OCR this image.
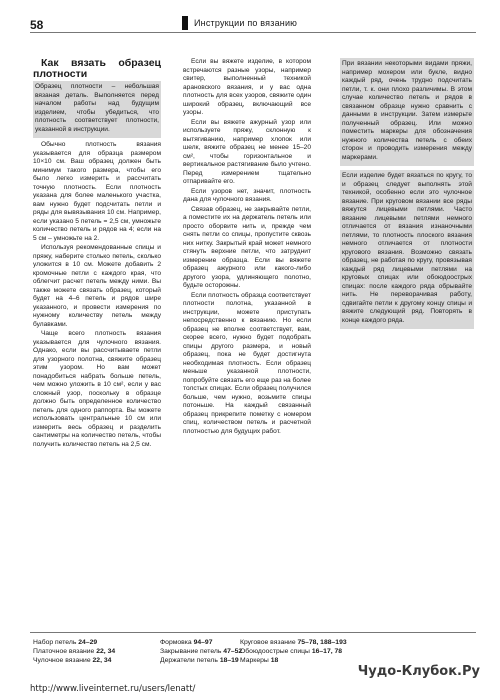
58	Инструкции по вязанию

Как вязать образец плотности

Образец плотности – небольшая вязаная деталь. Выполняется перед началом работы над будущим изделием, чтобы убедиться, что плотность соответствует плотности, указанной в инструкции.

Обычно плотность вязания указывается для образца размером 10×10 см. Ваш образец должен быть минимум такого размера, чтобы его было легко измерить и рассчитать точную плотность. Если плотность указана для более маленького участка, вам нужно будет подсчитать петли и ряды для вывязывания 10 см. Например, если указано 5 петель = 2,5 см, умножьте количество петель и рядов на 4; если на 5 см – умножьте на 2.

Используя рекомендованные спицы и пряжу, наберите столько петель, сколько уложится в 10 см. Можете добавить 2 кромочные петли с каждого края, что облегчит расчет петель между ними. Вы также можете связать образец, который будет на 4–6 петель и рядов шире указанного, и провести измерения по нужному количеству петель между булавками.

Чаще всего плотность вязания указывается для чулочного вязания. Однако, если вы рассчитываете петли для узорного полотна, свяжите образец этим узором. Но вам может понадобиться набрать больше петель, чем можно уложить в 10 см², если у вас сложный узор, поскольку в образце должно быть определенное количество петель для одного раппорта. Вы можете использовать центральные 10 см или измерить весь образец и разделить сантиметры на количество петель, чтобы получить количество петель на 2,5 см.

Если вы вяжете изделие, в котором встречаются разные узоры, например свитер, выполненный техникой арановского вязания, и у вас одна плотность для всех узоров, свяжите один широкий образец, включающий все узоры.

Если вы вяжете ажурный узор или используете пряжу, склонную к вытягиванию, например хлопок или шелк, вяжите образец не менее 15–20 см², чтобы горизонтальное и вертикальное растягивание было учтено. Перед измерением тщательно отпаривайте его.

Если узоров нет, значит, плотность дана для чулочного вязания.

Связав образец, не закрывайте петли, а поместите их на держатель петель или просто оборвите нить и, прежде чем снять петли со спицы, пропустите сквозь них нитку. Закрытый край может немного стянуть верхние петли, что затруднит измерение образца. Если вы вяжете образец ажурного или какого-либо другого узора, удлиняющего полотно, будьте осторожны.

Если плотность образца соответствует плотности полотна, указанной в инструкции, можете приступать непосредственно к вязанию. Но если образец не вполне соответствует, вам, скорее всего, нужно будет подобрать спицы другого размера, и новый образец, пока не будет достигнута необходимая плотность. Если образец меньше указанной плотности, попробуйте связать его еще раз на более толстых спицах. Если образец получился больше, чем нужно, возьмите спицы потоньше. На каждый связанный образец прикрепите пометку с номером спиц, количеством петель и расчетной плотностью для будущих работ.

При вязании некоторыми видами пряжи, например мохером или букле, видно каждый ряд, очень трудно подсчитать петли, т. к. они плохо различимы. В этом случае количество петель и рядов в связанном образце нужно сравнить с данными в инструкции. Затем измерьте полученный образец. Или можно поместить маркеры для обозначения нужного количества петель с обеих сторон и проводить измерения между маркерами.

Если изделие будет вязаться по кругу, то и образец следует выполнять этой техникой, особенно если это чулочное вязание. При круговом вязании все ряды вяжутся лицевыми петлями. Часто вязание лицевыми петлями немного отличается от вязания изнаночными петлями, то плотность плоского вязания немного отличается от плотности кругового вязания. Возможно связать образец, не работая по кругу, провязывая каждый ряд лицевыми петлями на круговых спицах или обоюдоострых спицах: после каждого ряда обрывайте нить. Не переворачивая работу, сдвигайте петли к другому концу спицы и вяжите следующий ряд. Повторять в конце каждого ряда.

Набор петель 24–29
Платочное вязание 22, 34
Чулочное вязание 22, 34
Формовка 94–97
Закрывание петель 47–52
Держатели петель 18–19
Круговое вязание 75–78, 188–193
Обоюдоострые спицы 16–17, 78
Маркеры 18
Чудо-Клубок.Ру
http://www.liveinternet.ru/users/lenatt/
